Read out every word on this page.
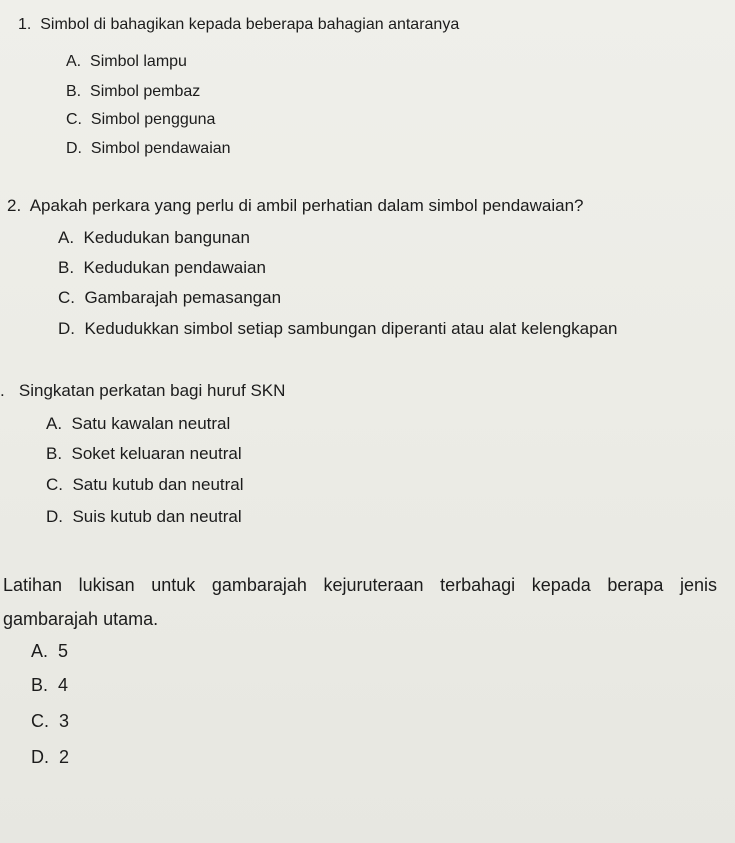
1. Simbol di bahagikan kepada beberapa bahagian antaranya
A. Simbol lampu
B. Simbol pembaz
C. Simbol pengguna
D. Simbol pendawaian
2. Apakah perkara yang perlu di ambil perhatian dalam simbol pendawaian?
A. Kedudukan bangunan
B. Kedudukan pendawaian
C. Gambarajah pemasangan
D. Kedudukkan simbol setiap sambungan diperanti atau alat kelengkapan
. Singkatan perkatan bagi huruf SKN
A. Satu kawalan neutral
B. Soket keluaran neutral
C. Satu kutub dan neutral
D. Suis kutub dan neutral
Latihan lukisan untuk gambarajah kejuruteraan terbahagi kepada berapa jenis
gambarajah utama.
A. 5
B. 4
C. 3
D. 2
